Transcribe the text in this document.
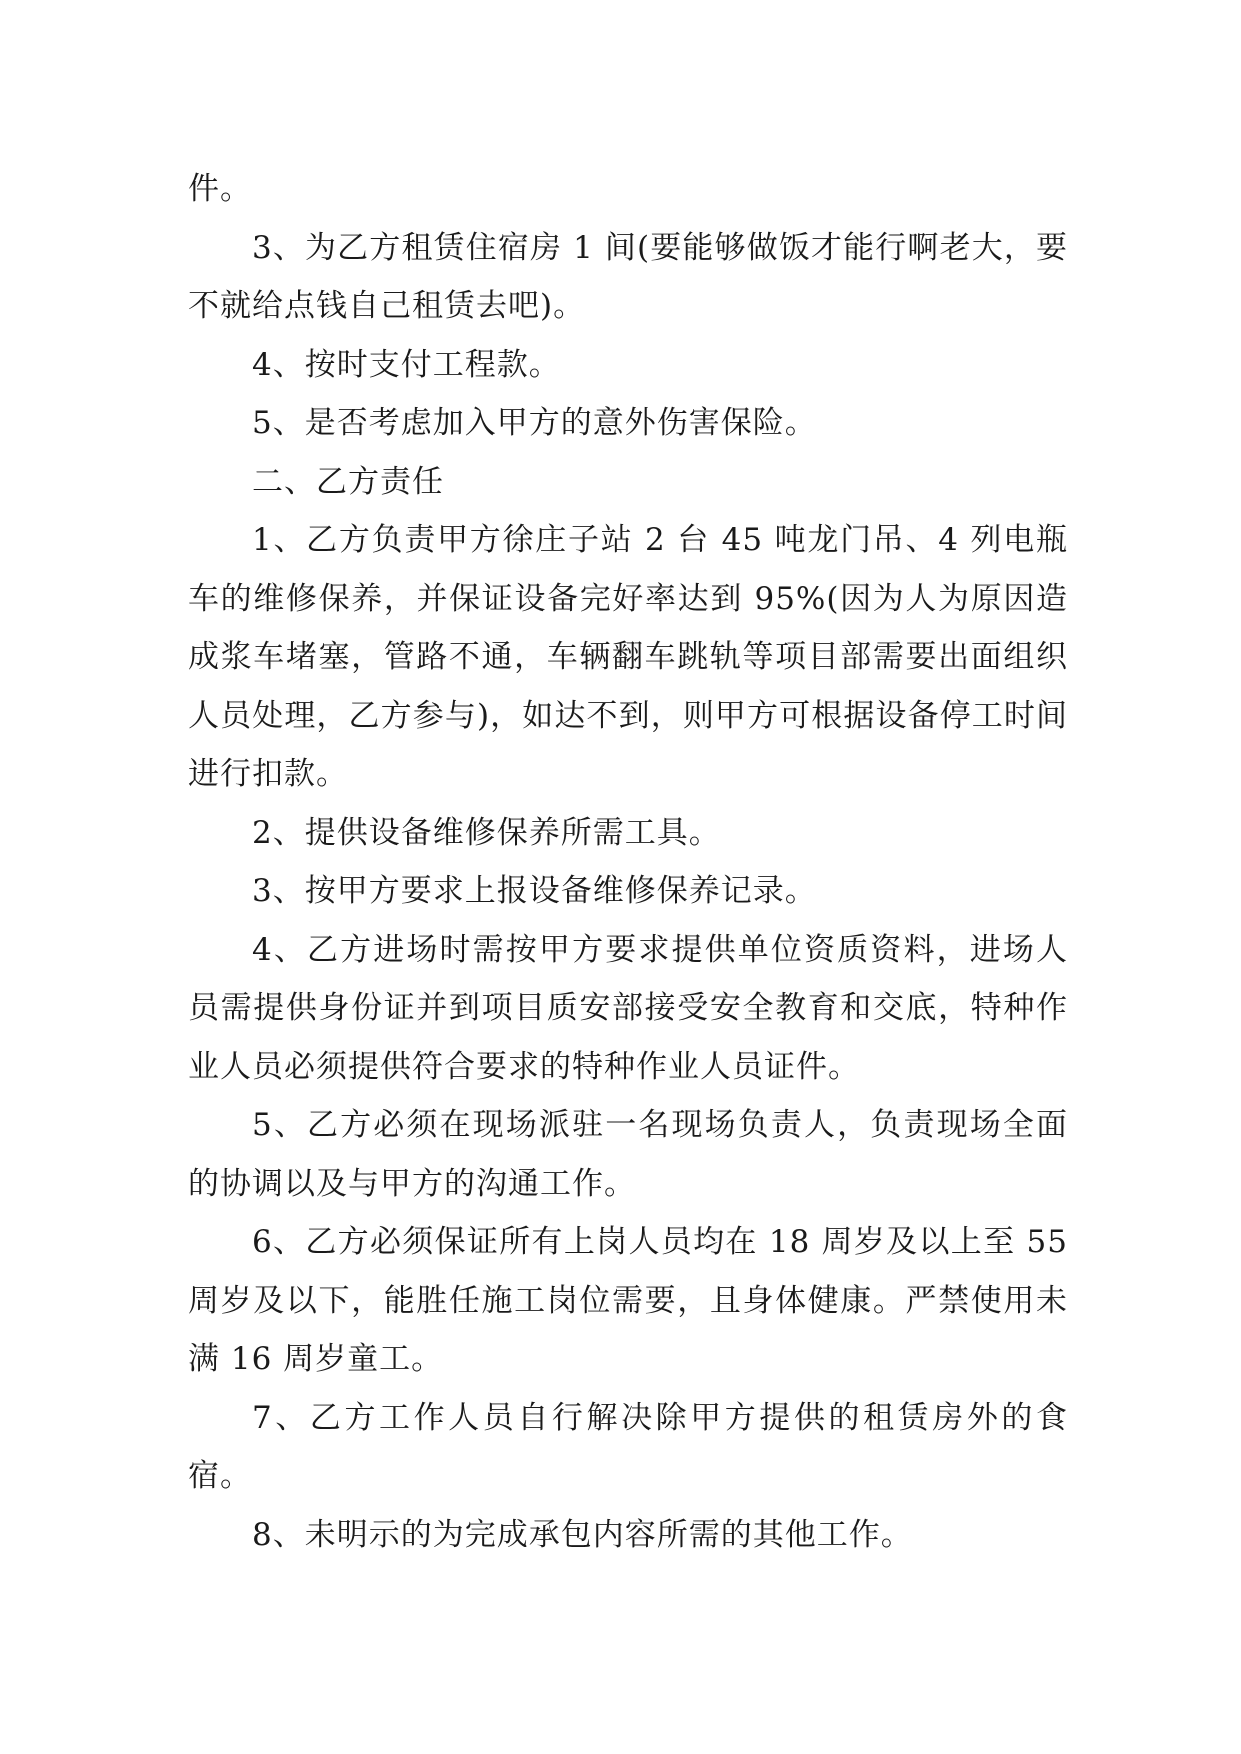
件。

3、为乙方租赁住宿房 1 间(要能够做饭才能行啊老大，要不就给点钱自己租赁去吧)。

4、按时支付工程款。

5、是否考虑加入甲方的意外伤害保险。

二、乙方责任

1、乙方负责甲方徐庄子站 2 台 45 吨龙门吊、4 列电瓶车的维修保养，并保证设备完好率达到 95%(因为人为原因造成浆车堵塞，管路不通，车辆翻车跳轨等项目部需要出面组织人员处理，乙方参与)，如达不到，则甲方可根据设备停工时间进行扣款。

2、提供设备维修保养所需工具。

3、按甲方要求上报设备维修保养记录。

4、乙方进场时需按甲方要求提供单位资质资料，进场人员需提供身份证并到项目质安部接受安全教育和交底，特种作业人员必须提供符合要求的特种作业人员证件。

5、乙方必须在现场派驻一名现场负责人，负责现场全面的协调以及与甲方的沟通工作。

6、乙方必须保证所有上岗人员均在 18 周岁及以上至 55 周岁及以下，能胜任施工岗位需要，且身体健康。严禁使用未满 16 周岁童工。

7、乙方工作人员自行解决除甲方提供的租赁房外的食宿。

8、未明示的为完成承包内容所需的其他工作。
